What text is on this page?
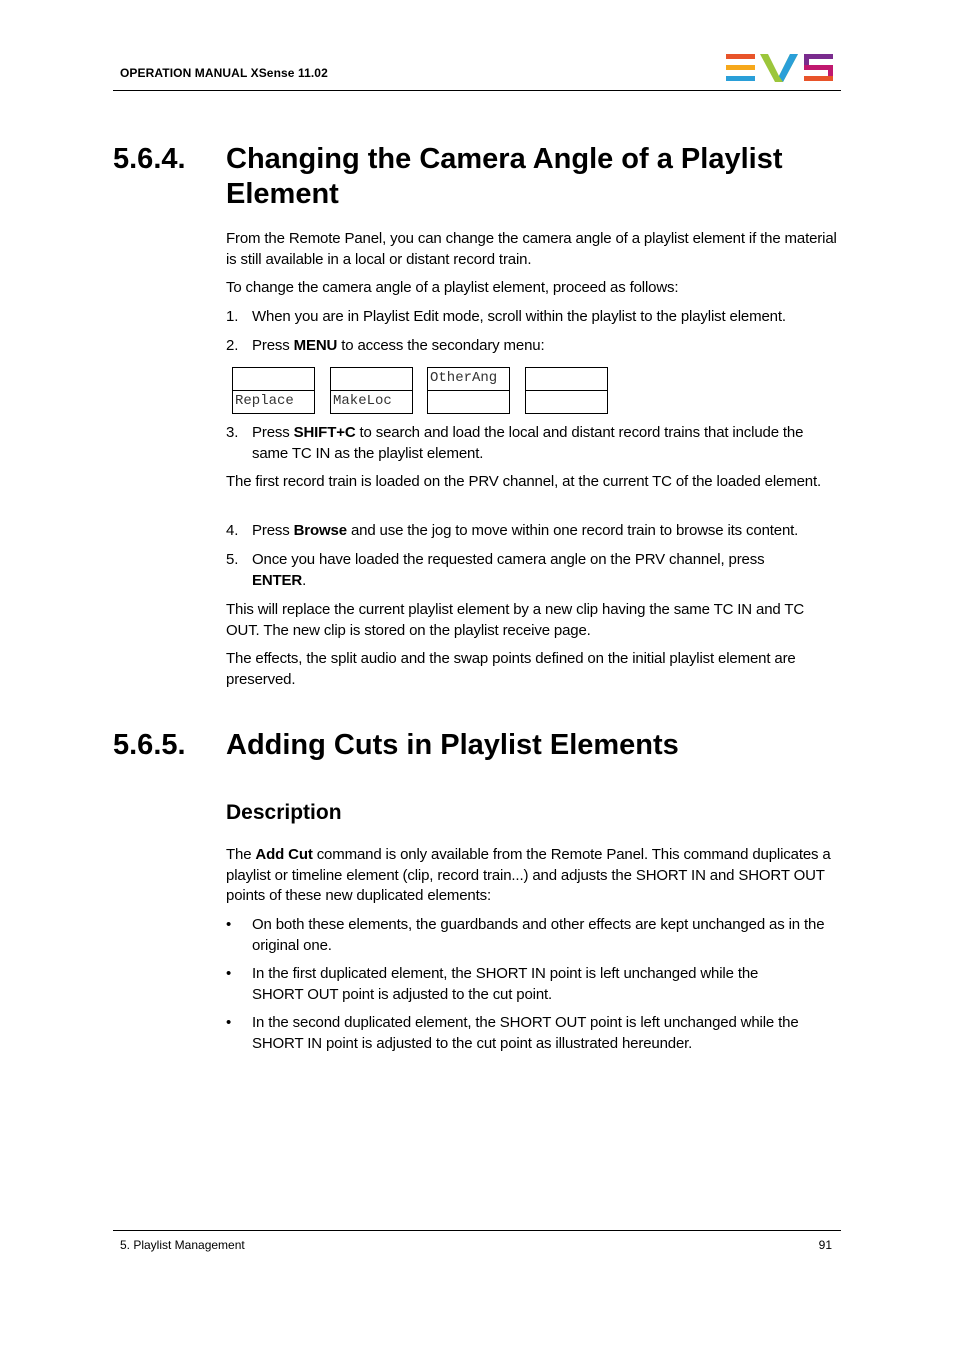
OPERATION MANUAL XSense 11.02
5.6.4. Changing the Camera Angle of a Playlist Element
From the Remote Panel, you can change the camera angle of a playlist element if the material is still available in a local or distant record train.
To change the camera angle of a playlist element, proceed as follows:
1. When you are in Playlist Edit mode, scroll within the playlist to the playlist element.
2. Press MENU to access the secondary menu:
Replace	MakeLoc
OtherAng
3. Press SHIFT+C to search and load the local and distant record trains that include the same TC IN as the playlist element.
The first record train is loaded on the PRV channel, at the current TC of the loaded element.
4. Press Browse and use the jog to move within one record train to browse its content.
5. Once you have loaded the requested camera angle on the PRV channel, press ENTER.
This will replace the current playlist element by a new clip having the same TC IN and TC OUT. The new clip is stored on the playlist receive page.
The effects, the split audio and the swap points defined on the initial playlist element are preserved.
5.6.5. Adding Cuts in Playlist Elements
Description
The Add Cut command is only available from the Remote Panel. This command duplicates a playlist or timeline element (clip, record train...) and adjusts the SHORT IN and SHORT OUT points of these new duplicated elements:
• On both these elements, the guardbands and other effects are kept unchanged as in the original one.
• In the first duplicated element, the SHORT IN point is left unchanged while the SHORT OUT point is adjusted to the cut point.
• In the second duplicated element, the SHORT OUT point is left unchanged while the SHORT IN point is adjusted to the cut point as illustrated hereunder.
5. Playlist Management	91
